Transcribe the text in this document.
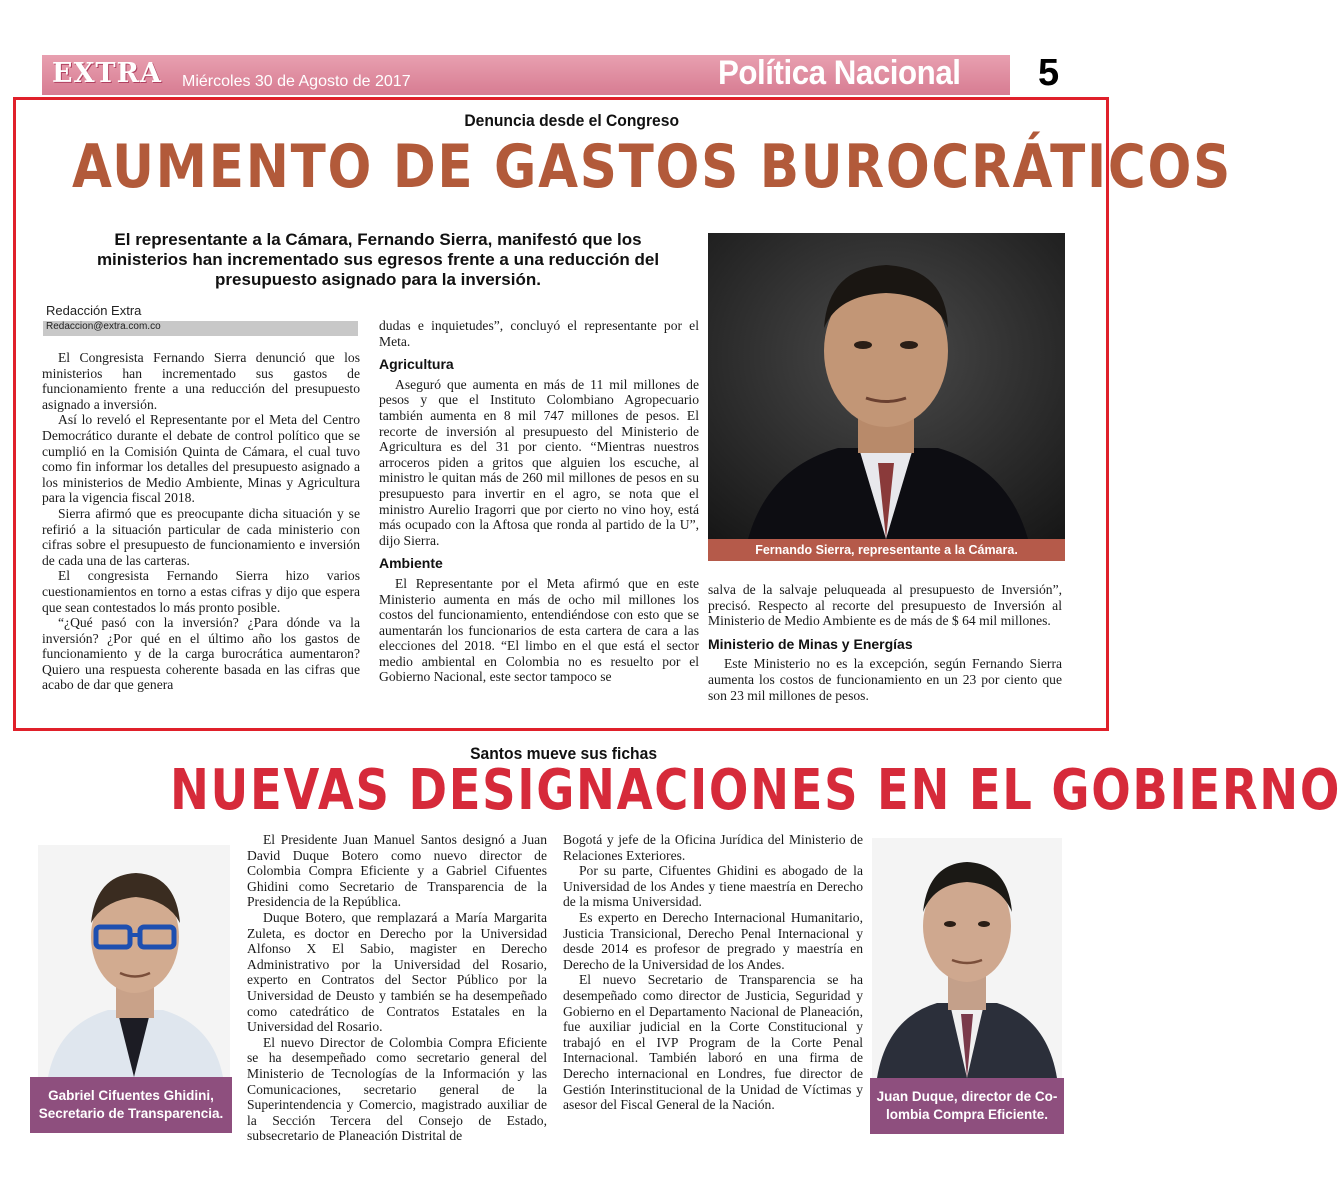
EXTRA Miércoles 30 de Agosto de 2017	Política Nacional 5
Denuncia desde el Congreso
AUMENTO DE GASTOS BUROCRÁTICOS
El representante a la Cámara, Fernando Sierra, manifestó que los ministerios han incrementado sus egresos frente a una reducción del presupuesto asignado para la inversión.
Redacción Extra
Redaccion@extra.com.co

El Congresista Fernando Sierra denunció que los ministerios han incrementado sus gastos de funcionamiento frente a una reducción del presupuesto asignado a inversión.

Así lo reveló el Representante por el Meta del Centro Democrático durante el debate de control político que se cumplió en la Comisión Quinta de Cámara, el cual tuvo como fin informar los detalles del presupuesto asignado a los ministerios de Medio Ambiente, Minas y Agricultura para la vigencia fiscal 2018.

Sierra afirmó que es preocupante dicha situación y se refirió a la situación particular de cada ministerio con cifras sobre el presupuesto de funcionamiento e inversión de cada una de las carteras.

El congresista Fernando Sierra hizo varios cuestionamientos en torno a estas cifras y dijo que espera que sean contestados lo más pronto posible.

“¿Qué pasó con la inversión? ¿Para dónde va la inversión? ¿Por qué en el último año los gastos de funcionamiento y de la carga burocrática aumentaron? Quiero una respuesta coherente basada en las cifras que acabo de dar que genera

dudas e inquietudes”, concluyó el representante por el Meta.

Agricultura

Aseguró que aumenta en más de 11 mil millones de pesos y que el Instituto Colombiano Agropecuario también aumenta en 8 mil 747 millones de pesos. El recorte de inversión al presupuesto del Ministerio de Agricultura es del 31 por ciento. “Mientras nuestros arroceros piden a gritos que alguien los escuche, al ministro le quitan más de 260 mil millones de pesos en su presupuesto para invertir en el agro, se nota que el ministro Aurelio Iragorri que por cierto no vino hoy, está más ocupado con la Aftosa que ronda al partido de la U”, dijo Sierra.

Ambiente

El Representante por el Meta afirmó que en este Ministerio aumenta en más de ocho mil millones los costos del funcionamiento, entendiéndose con esto que se aumentarán los funcionarios de esta cartera de cara a las elecciones del 2018. “El limbo en el que está el sector medio ambiental en Colombia no es resuelto por el Gobierno Nacional, este sector tampoco se

Fernando Sierra, representante a la Cámara.

salva de la salvaje peluqueada al presupuesto de Inversión”, precisó. Respecto al recorte del presupuesto de Inversión al Ministerio de Medio Ambiente es de más de $ 64 mil millones.

Ministerio de Minas y Energías

Este Ministerio no es la excepción, según Fernando Sierra aumenta los costos de funcionamiento en un 23 por ciento que son 23 mil millones de pesos.

Santos mueve sus fichas
NUEVAS DESIGNACIONES EN EL GOBIERNO
Gabriel Cifuentes Ghidini,
Secretario de Transparencia.

El Presidente Juan Manuel Santos designó a Juan David Duque Botero como nuevo director de Colombia Compra Eficiente y a Gabriel Cifuentes Ghidini como Secretario de Transparencia de la Presidencia de la República.

Duque Botero, que remplazará a María Margarita Zuleta, es doctor en Derecho por la Universidad Alfonso X El Sabio, magister en Derecho Administrativo por la Universidad del Rosario, experto en Contratos del Sector Público por la Universidad de Deusto y también se ha desempeñado como catedrático de Contratos Estatales en la Universidad del Rosario.

El nuevo Director de Colombia Compra Eficiente se ha desempeñado como secretario general del Ministerio de Tecnologías de la Información y las Comunicaciones, secretario general de la Superintendencia y Comercio, magistrado auxiliar de la Sección Tercera del Consejo de Estado, subsecretario de Planeación Distrital de

Bogotá y jefe de la Oficina Jurídica del Ministerio de Relaciones Exteriores.

Por su parte, Cifuentes Ghidini es abogado de la Universidad de los Andes y tiene maestría en Derecho de la misma Universidad.

Es experto en Derecho Internacional Humanitario, Justicia Transicional, Derecho Penal Internacional y desde 2014 es profesor de pregrado y maestría en Derecho de la Universidad de los Andes.

El nuevo Secretario de Transparencia se ha desempeñado como director de Justicia, Seguridad y Gobierno en el Departamento Nacional de Planeación, fue auxiliar judicial en la Corte Constitucional y trabajó en el IVP Program de la Corte Penal Internacional. También laboró en una firma de Derecho internacional en Londres, fue director de Gestión Interinstitucional de la Unidad de Víctimas y asesor del Fiscal General de la Nación.

Juan Duque, director de Co-
lombia Compra Eficiente.
